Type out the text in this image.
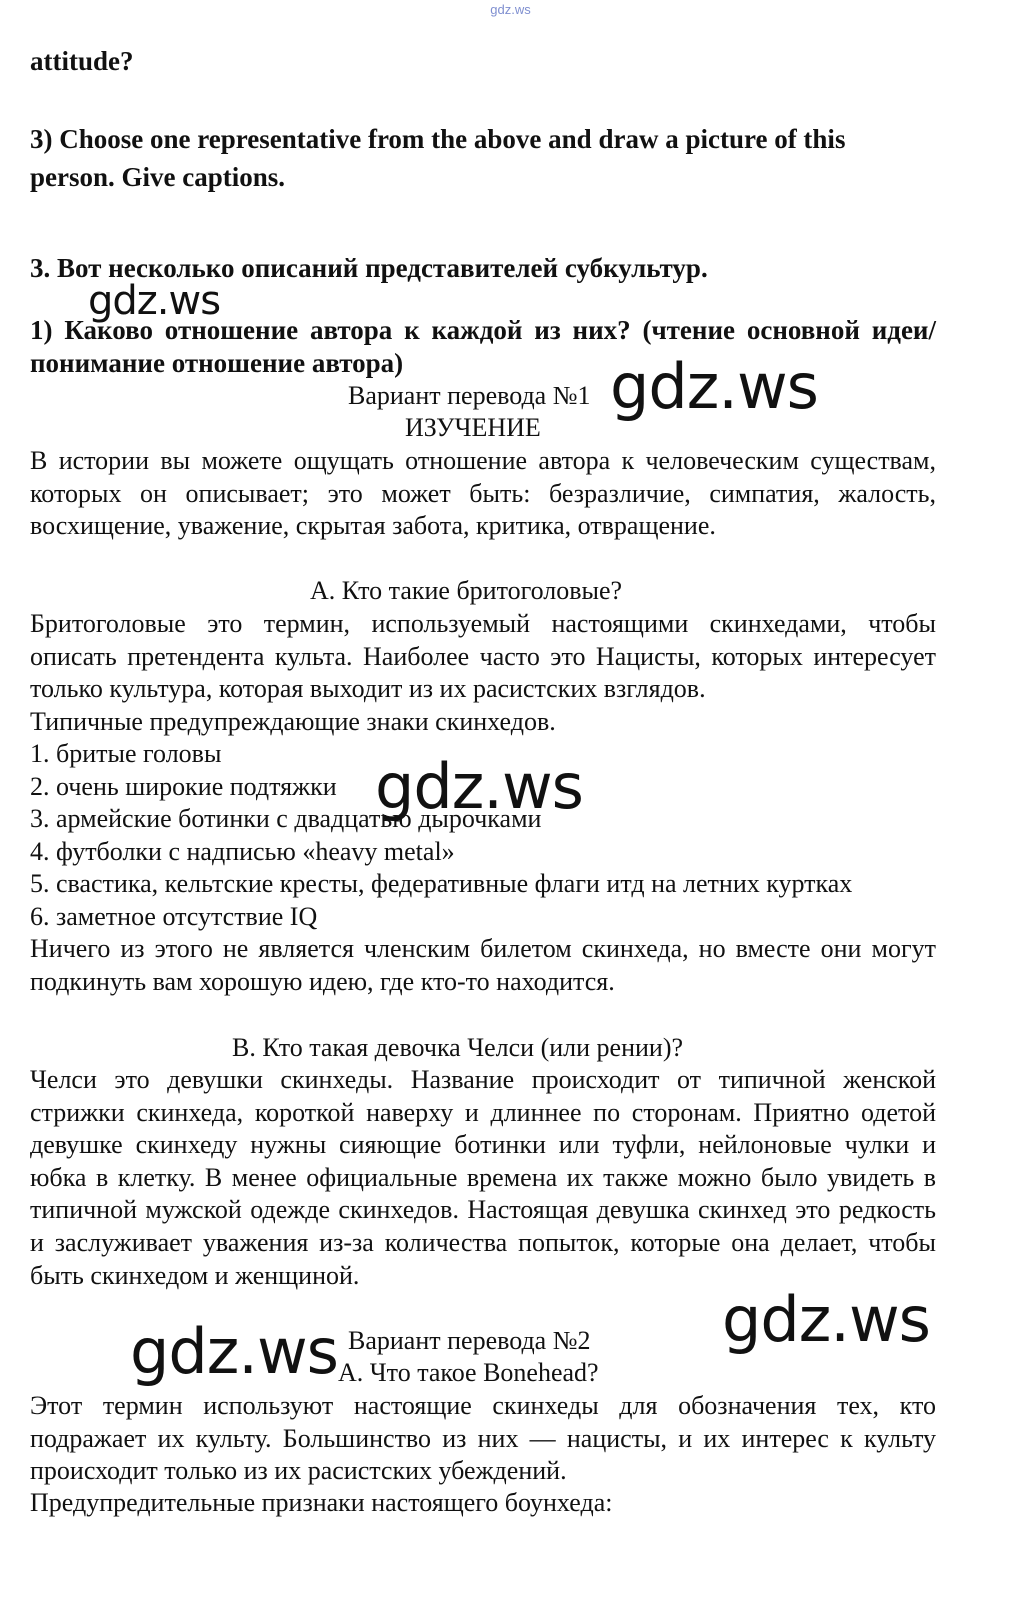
gdz.ws
attitude?
3) Choose one representative from the above and draw a picture of this person. Give captions.
3. Вот несколько описаний представителей субкультур.
1) Каково отношение автора к каждой из них? (чтение основной идеи/понимание отношение автора)
Вариант перевода №1
ИЗУЧЕНИЕ
В истории вы можете ощущать отношение автора к человеческим существам, которых он описывает; это может быть: безразличие, симпатия, жалость, восхищение, уважение, скрытая забота, критика, отвращение.
А. Кто такие бритоголовые?
Бритоголовые это термин, используемый настоящими скинхедами, чтобы описать претендента культа. Наиболее часто это Нацисты, которых интересует только культура, которая выходит из их расистских взглядов.
Типичные предупреждающие знаки скинхедов.
1. бритые головы
2. очень широкие подтяжки
3. армейские ботинки с двадцатью дырочками
4. футболки с надписью «heavy metal»
5. свастика, кельтские кресты, федеративные флаги итд на летних куртках
6. заметное отсутствие IQ
Ничего из этого не является членским билетом скинхеда, но вместе они могут подкинуть вам хорошую идею, где кто-то находится.
В. Кто такая девочка Челси (или рении)?
Челси это девушки скинхеды. Название происходит от типичной женской стрижки скинхеда, короткой наверху и длиннее по сторонам. Приятно одетой девушке скинхеду нужны сияющие ботинки или туфли, нейлоновые чулки и юбка в клетку. В менее официальные времена их также можно было увидеть в типичной мужской одежде скинхедов. Настоящая девушка скинхед это редкость и заслуживает уважения из-за количества попыток, которые она делает, чтобы быть скинхедом и женщиной.
Вариант перевода №2
А. Что такое Bonehead?
Этот термин используют настоящие скинхеды для обозначения тех, кто подражает их культу. Большинство из них — нацисты, и их интерес к культу происходит только из их расистских убеждений.
Предупредительные признаки настоящего боунхеда:
gdz.ws
gdz.ws
gdz.ws
gdz.ws
gdz.ws
